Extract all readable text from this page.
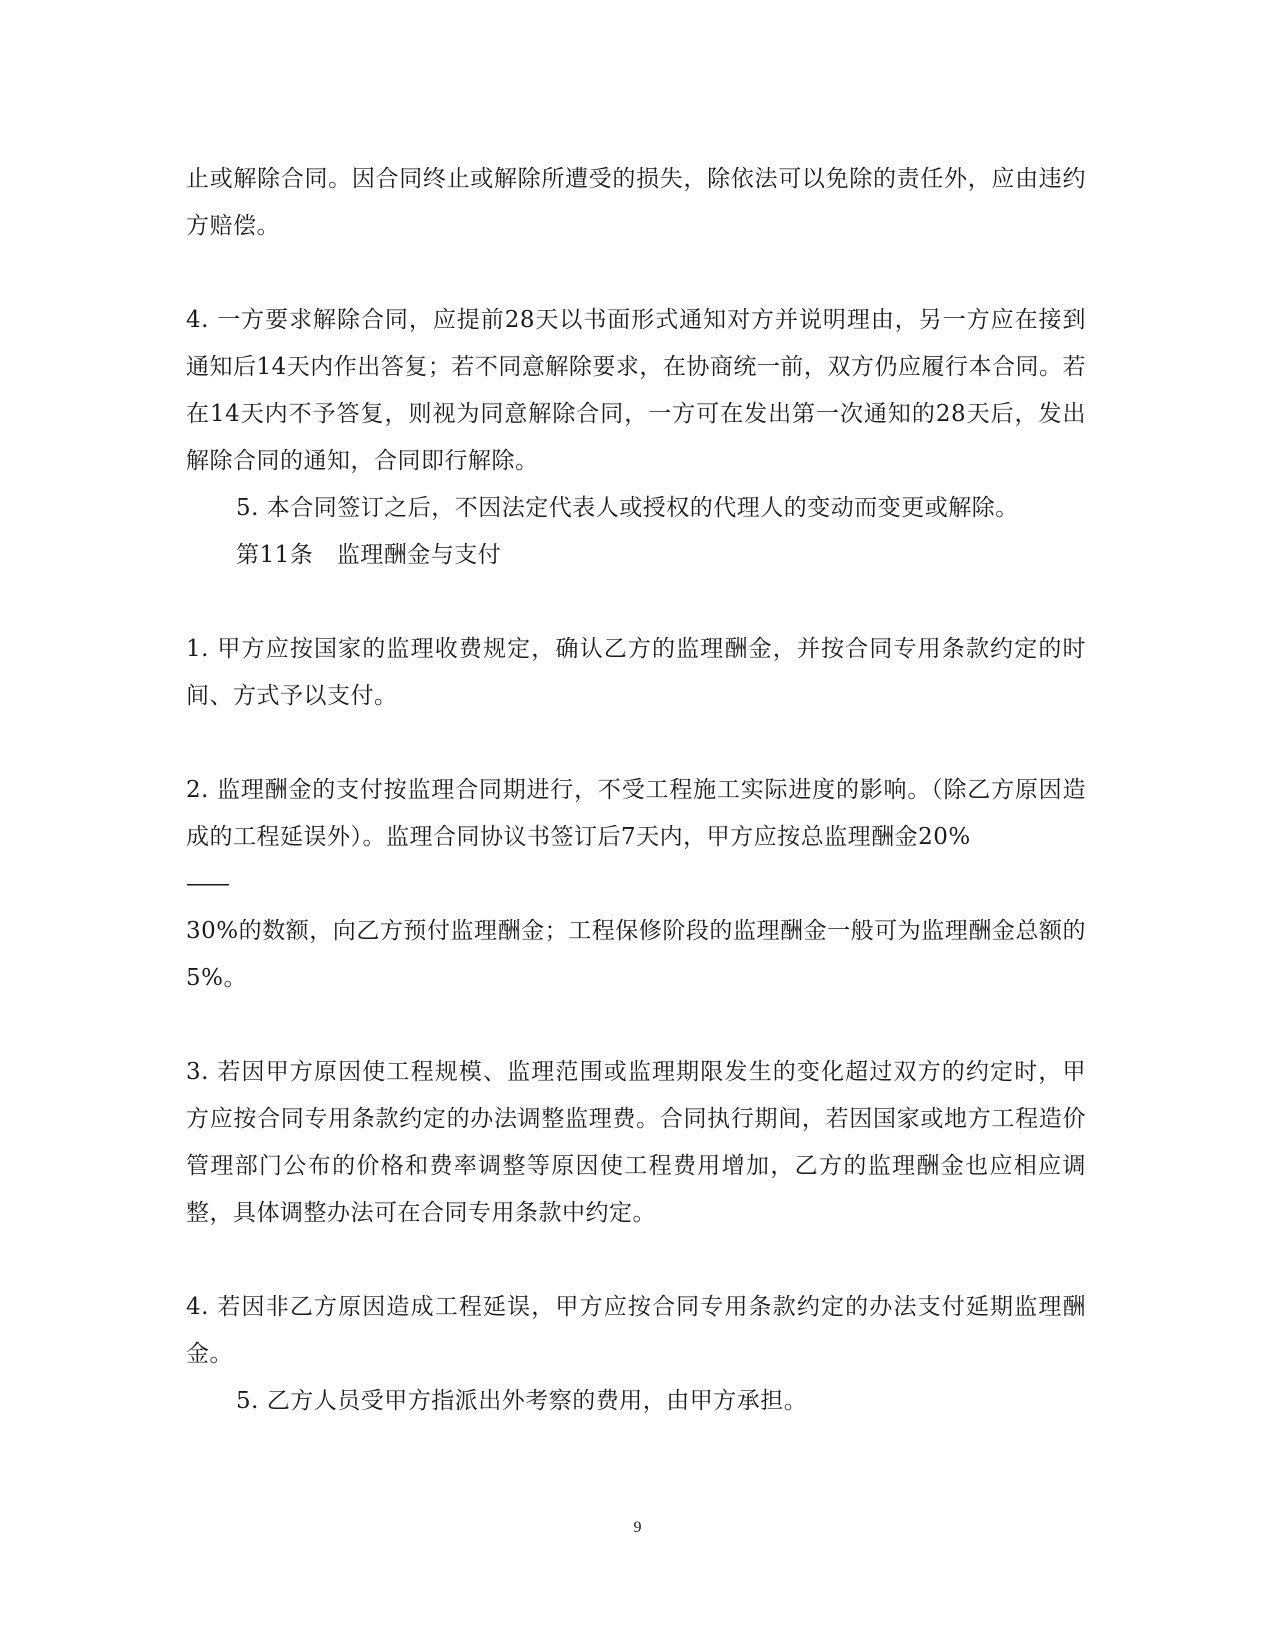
止或解除合同。因合同终止或解除所遭受的损失，除依法可以免除的责任外，应由违约方赔偿。

4. 一方要求解除合同，应提前28天以书面形式通知对方并说明理由，另一方应在接到通知后14天内作出答复；若不同意解除要求，在协商统一前，双方仍应履行本合同。若在14天内不予答复，则视为同意解除合同，一方可在发出第一次通知的28天后，发出解除合同的通知，合同即行解除。

5. 本合同签订之后，不因法定代表人或授权的代理人的变动而变更或解除。

第11条　监理酬金与支付

1. 甲方应按国家的监理收费规定，确认乙方的监理酬金，并按合同专用条款约定的时间、方式予以支付。

2. 监理酬金的支付按监理合同期进行，不受工程施工实际进度的影响。（除乙方原因造成的工程延误外）。监理合同协议书签订后7天内，甲方应按总监理酬金20%

——

30%的数额，向乙方预付监理酬金；工程保修阶段的监理酬金一般可为监理酬金总额的5%。

3. 若因甲方原因使工程规模、监理范围或监理期限发生的变化超过双方的约定时，甲方应按合同专用条款约定的办法调整监理费。合同执行期间，若因国家或地方工程造价管理部门公布的价格和费率调整等原因使工程费用增加，乙方的监理酬金也应相应调整，具体调整办法可在合同专用条款中约定。

4. 若因非乙方原因造成工程延误，甲方应按合同专用条款约定的办法支付延期监理酬金。

5. 乙方人员受甲方指派出外考察的费用，由甲方承担。

9
